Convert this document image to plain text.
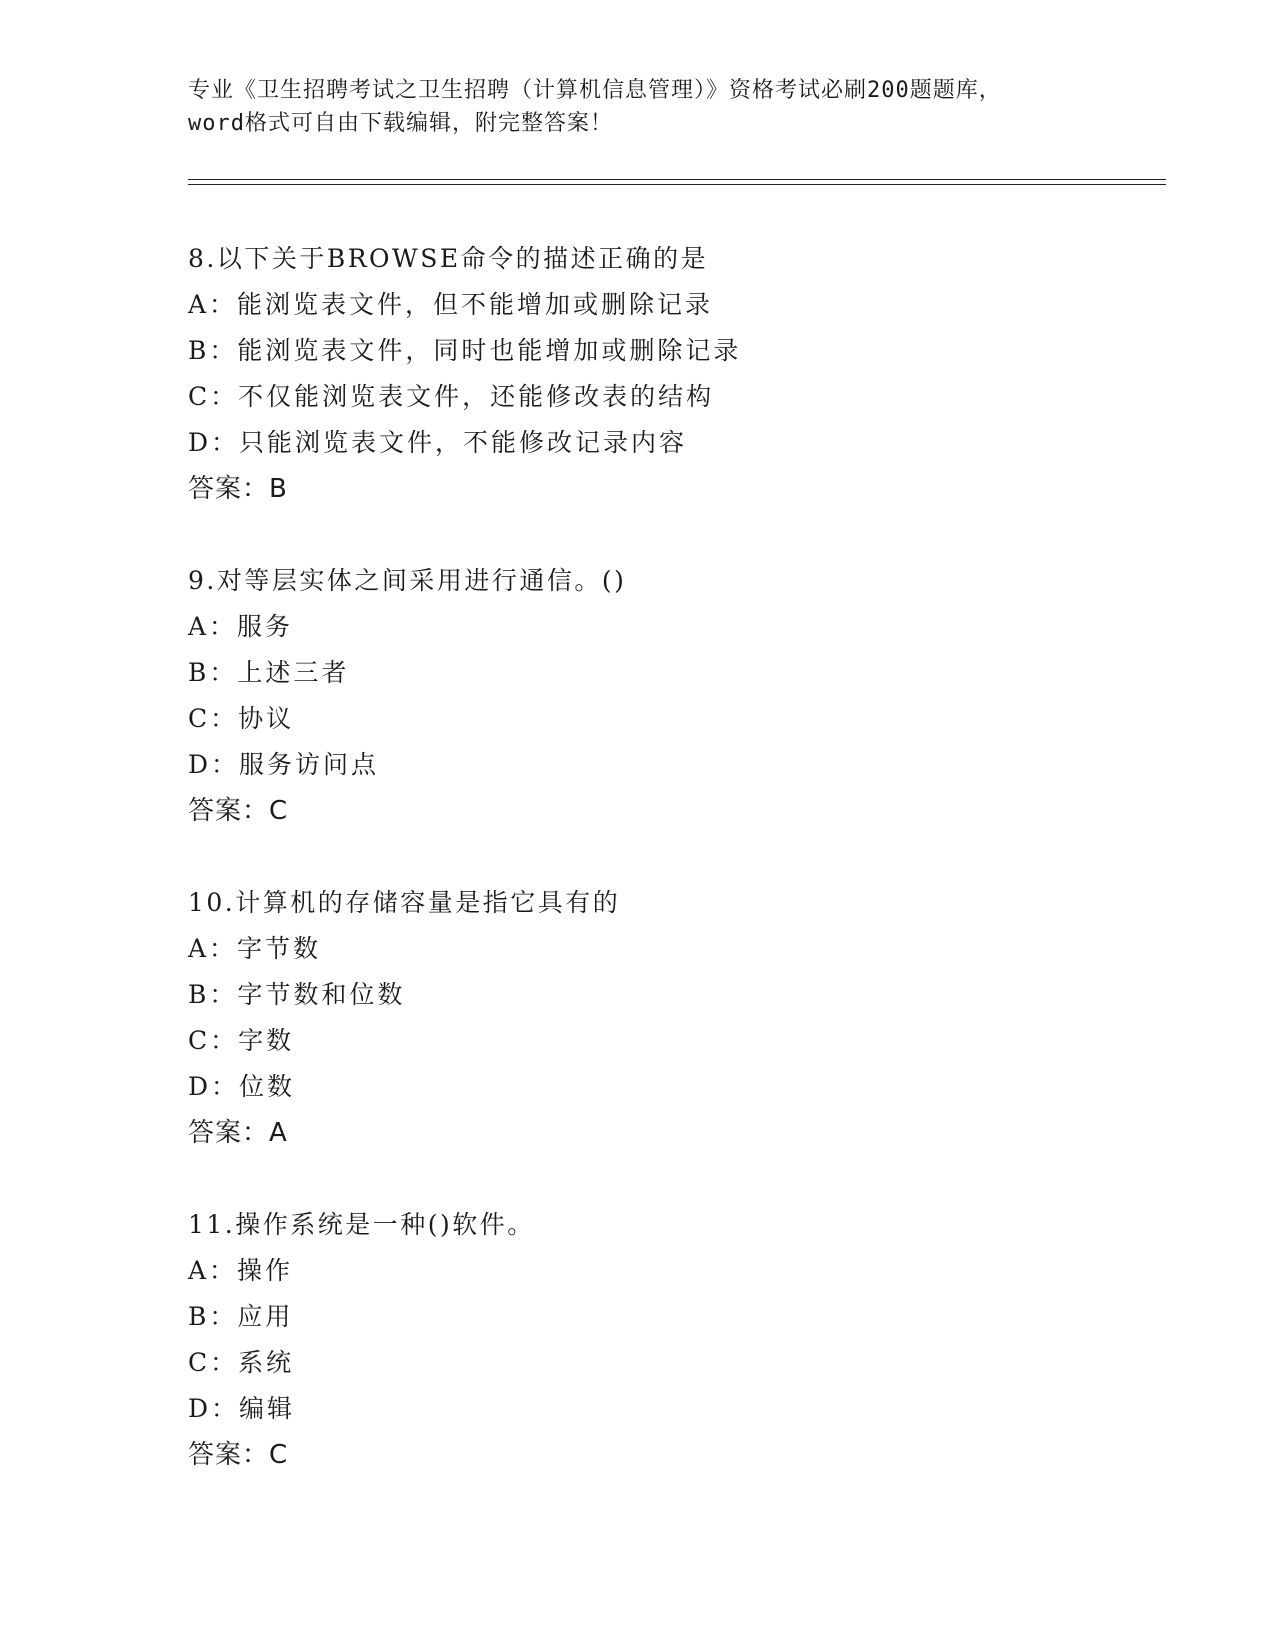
专业《卫生招聘考试之卫生招聘（计算机信息管理）》资格考试必刷200题题库，
word格式可自由下载编辑，附完整答案！
8.以下关于BROWSE命令的描述正确的是
A：能浏览表文件，但不能增加或删除记录
B：能浏览表文件，同时也能增加或删除记录
C：不仅能浏览表文件，还能修改表的结构
D：只能浏览表文件，不能修改记录内容
答案：B
9.对等层实体之间采用进行通信。()
A：服务
B：上述三者
C：协议
D：服务访问点
答案：C
10.计算机的存储容量是指它具有的
A：字节数
B：字节数和位数
C：字数
D：位数
答案：A
11.操作系统是一种()软件。
A：操作
B：应用
C：系统
D：编辑
答案：C
